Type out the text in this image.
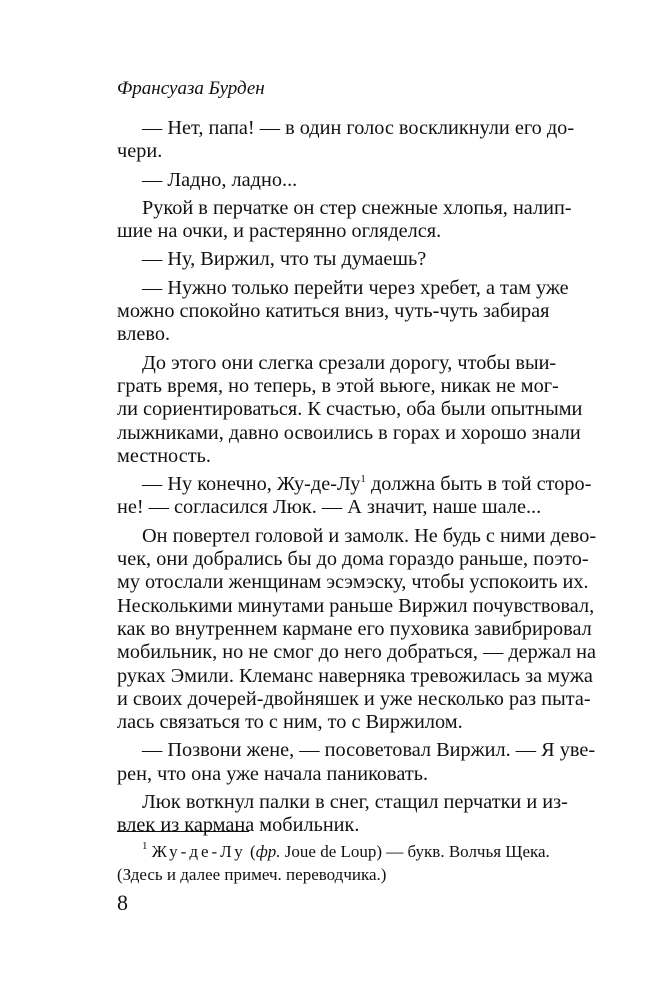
Франсуаза Бурден

— Нет, папа! — в один голос воскликнули его до-
чери.
— Ладно, ладно...
Рукой в перчатке он стер снежные хлопья, налип-
шие на очки, и растерянно огляделся.
— Ну, Виржил, что ты думаешь?
— Нужно только перейти через хребет, а там уже
можно спокойно катиться вниз, чуть-чуть забирая
влево.
До этого они слегка срезали дорогу, чтобы выи-
грать время, но теперь, в этой вьюге, никак не мог-
ли сориентироваться. К счастью, оба были опытными
лыжниками, давно освоились в горах и хорошо знали
местность.
— Ну конечно, $Жу-де-Лу^1$ должна быть в той сторо-
не! — согласился Люк. — А значит, наше шале...
Он повертел головой и замолк. Не будь с ними дево-
чек, они добрались бы до дома гораздо раньше, поэто-
му отослали женщинам эсэмэску, чтобы успокоить их.
Несколькими минутами раньше Виржил почувствовал,
как во внутреннем кармане его пуховика завибрировал
мобильник, но не смог до него добраться, — держал на
руках Эмили. Клеманс наверняка тревожилась за мужа
и своих дочерей-двойняшек и уже несколько раз пыта-
лась связаться то с ним, то с Виржилом.
— Позвони жене, — посоветовал Виржил. — Я уве-
рен, что она уже начала паниковать.
Люк воткнул палки в снег, стащил перчатки и из-
влек из кармана мобильник.
$^1$ Жу-де-Лу (фр. Joue de Loup) — букв. Волчья Щека.
(Здесь и далее примеч. переводчика.)

8
